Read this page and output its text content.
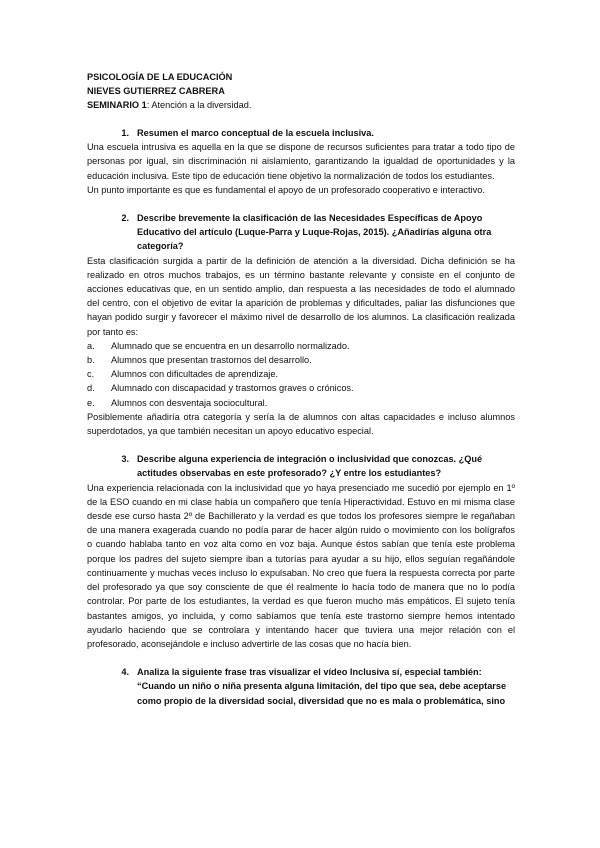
PSICOLOGÍA DE LA EDUCACIÓN
NIEVES GUTIERREZ CABRERA
SEMINARIO 1: Atención a la diversidad.
1. Resumen el marco conceptual de la escuela inclusiva.

Una escuela intrusiva es aquella en la que se dispone de recursos suficientes para tratar a todo tipo de personas por igual, sin discriminación ni aislamiento, garantizando la igualdad de oportunidades y la educación inclusiva. Este tipo de educación tiene objetivo la normalización de todos los estudiantes.

Un punto importante es que es fundamental el apoyo de un profesorado cooperativo e interactivo.

2. Describe brevemente la clasificación de las Necesidades Específicas de Apoyo Educativo del artículo (Luque-Parra y Luque-Rojas, 2015). ¿Añadirías alguna otra categoría?

Esta clasificación surgida a partir de la definición de atención a la diversidad. Dicha definición se ha realizado en otros muchos trabajos, es un término bastante relevante y consiste en el conjunto de acciones educativas que, en un sentido amplio, dan respuesta a las necesidades de todo el alumnado del centro, con el objetivo de evitar la aparición de problemas y dificultades, paliar las disfunciones que hayan podido surgir y favorecer el máximo nivel de desarrollo de los alumnos. La clasificación realizada por tanto es:

a.	Alumnado que se encuentra en un desarrollo normalizado.
b.	Alumnos que presentan trastornos del desarrollo.
c.	Alumnos con dificultades de aprendizaje.
d.	Alumnado con discapacidad y trastornos graves o crónicos.
e.	Alumnos con desventaja sociocultural.

Posiblemente añadiría otra categoría y sería la de alumnos con altas capacidades e incluso alumnos superdotados, ya que también necesitan un apoyo educativo especial.

3. Describe alguna experiencia de integración o inclusividad que conozcas. ¿Qué actitudes observabas en este profesorado? ¿Y entre los estudiantes?

Una experiencia relacionada con la inclusividad que yo haya presenciado me sucedió por ejemplo en 1º de la ESO cuando en mi clase había un compañero que tenía Hiperactividad. Estuvo en mi misma clase desde ese curso hasta 2º de Bachillerato y la verdad es que todos los profesores siempre le regañaban de una manera exagerada cuando no podía parar de hacer algún ruido o movimiento con los bolígrafos o cuando hablaba tanto en voz alta como en voz baja. Aunque éstos sabían que tenía este problema porque los padres del sujeto siempre iban a tutorías para ayudar a su hijo, ellos seguían regañándole continuamente y muchas veces incluso lo expulsaban. No creo que fuera la respuesta correcta por parte del profesorado ya que soy consciente de que él realmente lo hacía todo de manera que no lo podía controlar. Por parte de los estudiantes, la verdad es que fueron mucho más empáticos. El sujeto tenía bastantes amigos, yo incluida, y como sabíamos que tenía este trastorno siempre hemos intentado ayudarlo haciendo que se controlara y intentando hacer que tuviera una mejor relación con el profesorado, aconsejándole e incluso advertirle de las cosas que no hacía bien.

4. Analiza la siguiente frase tras visualizar el vídeo Inclusiva sí, especial también: “Cuando un niño o niña presenta alguna limitación, del tipo que sea, debe aceptarse como propio de la diversidad social, diversidad que no es mala o problemática, sino
